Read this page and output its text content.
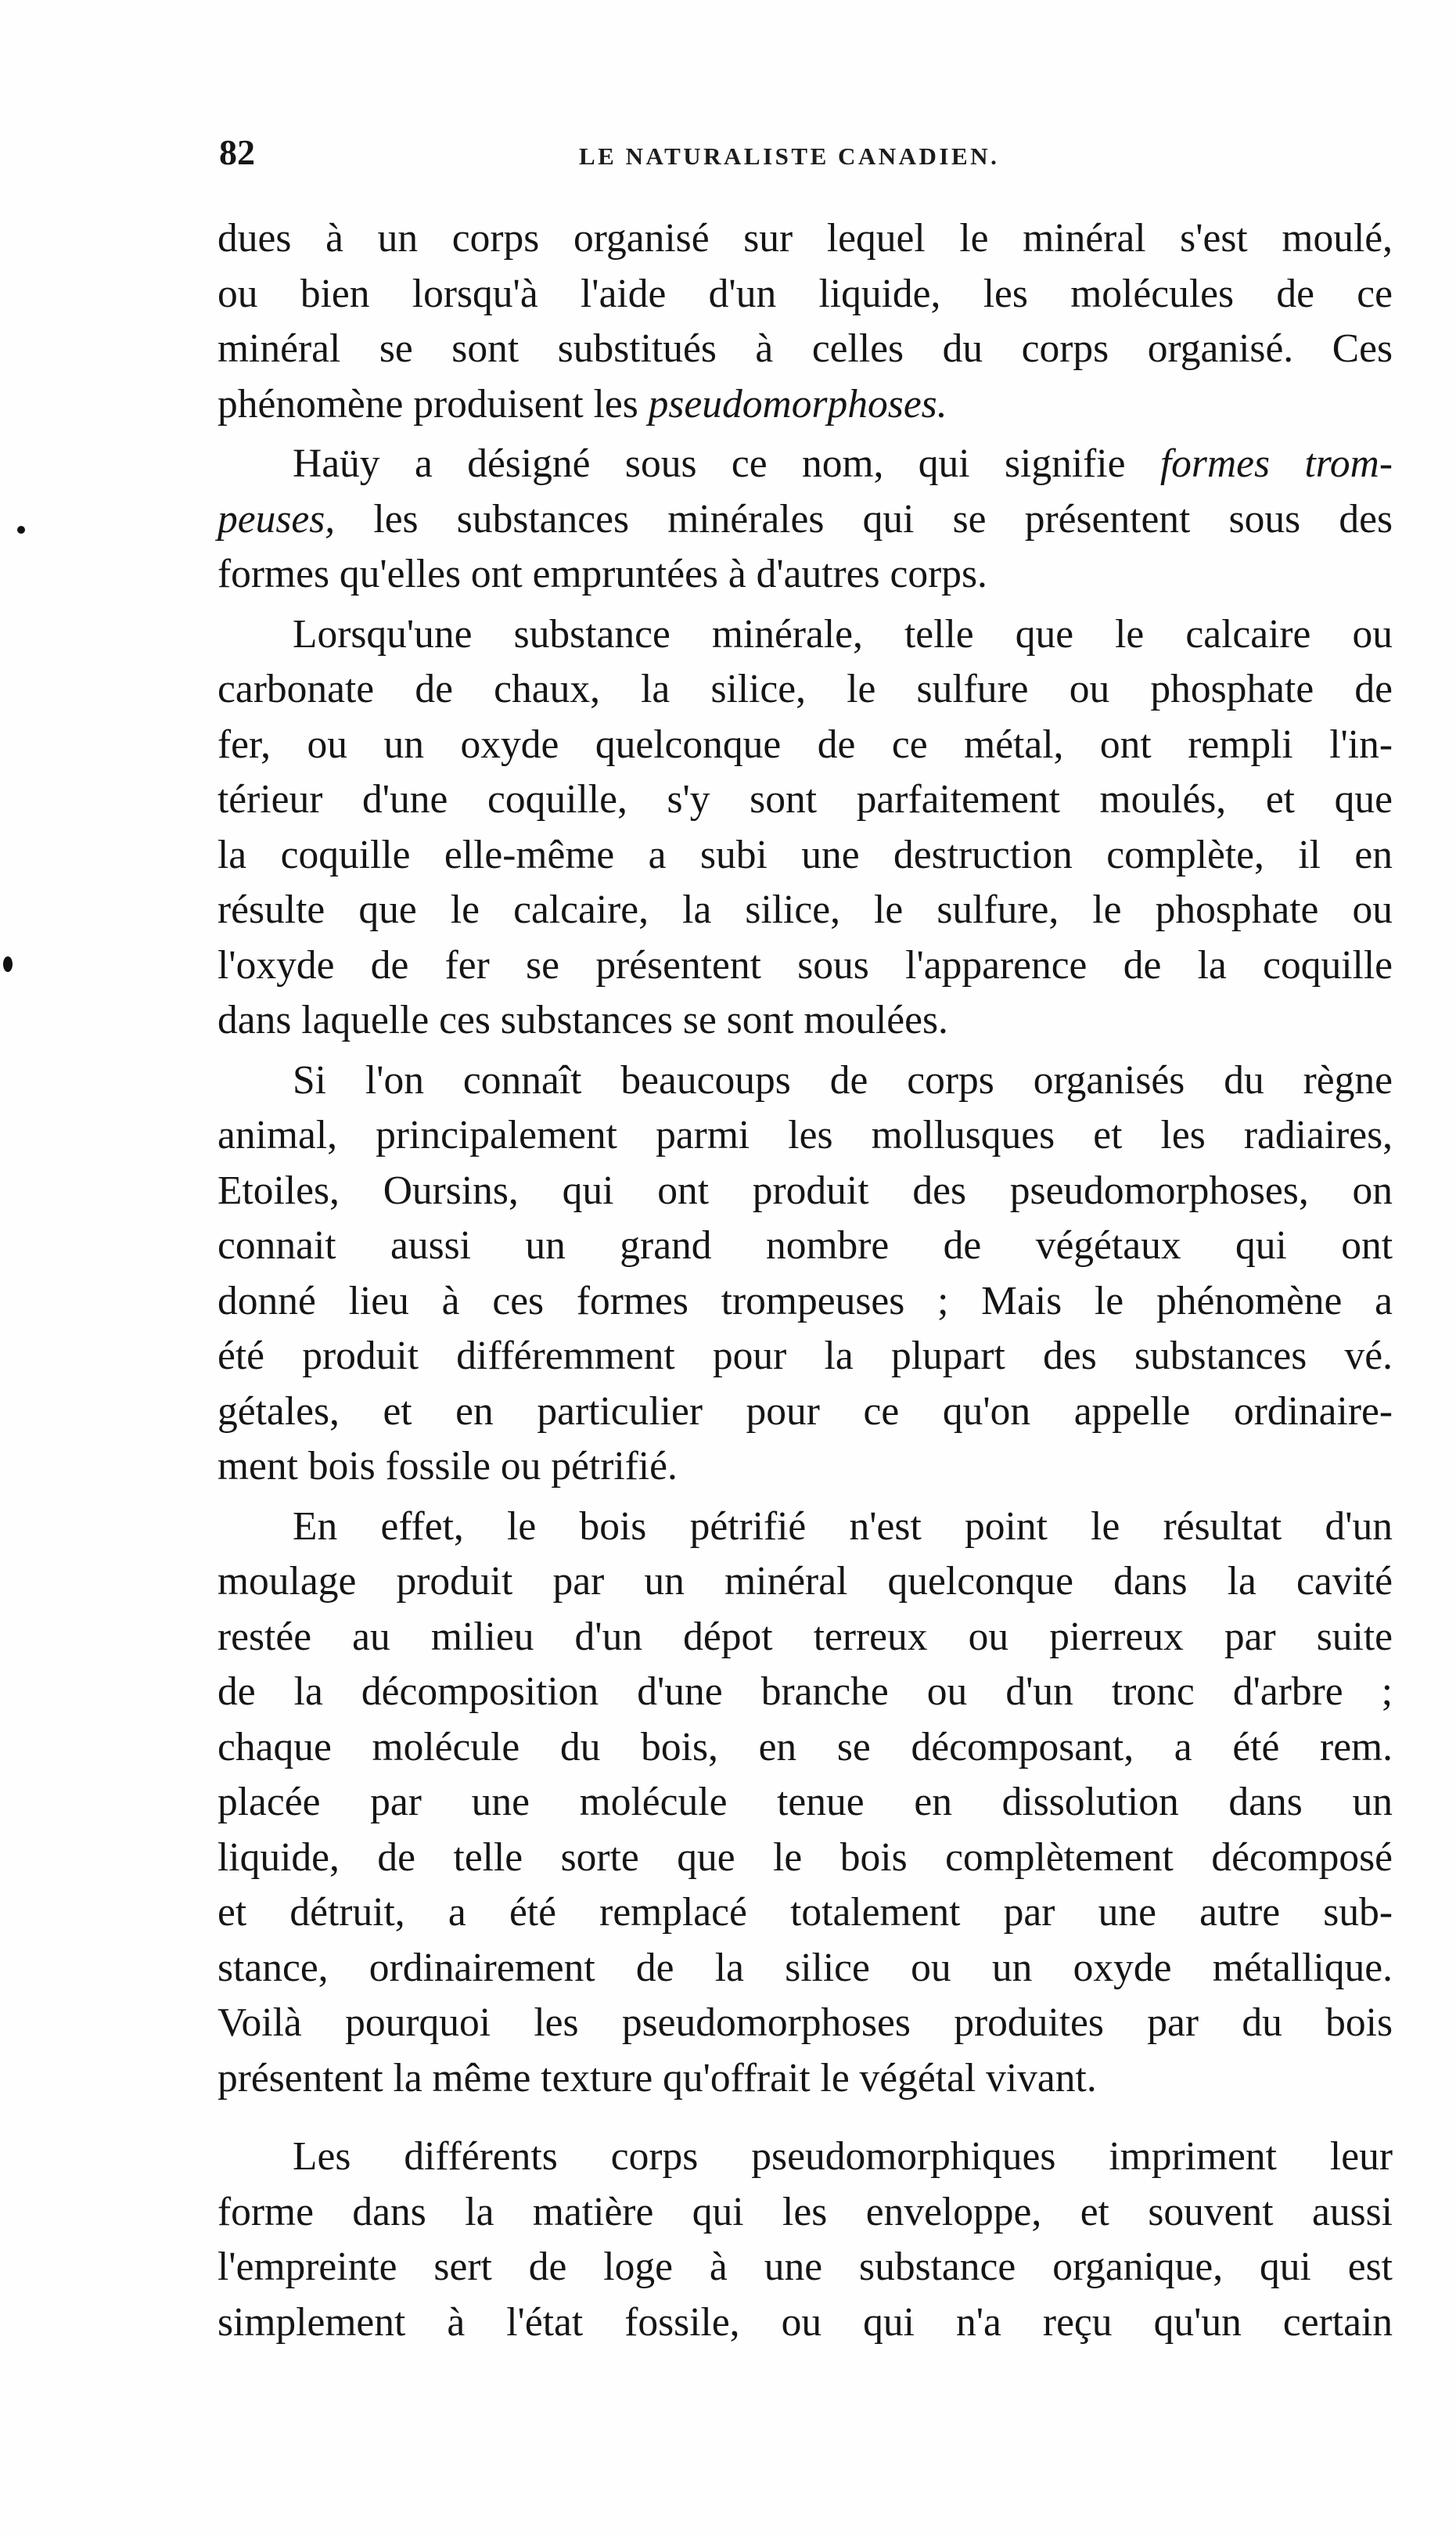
82	LE NATURALISTE CANADIEN.
dues à un corps organisé sur lequel le minéral s'est moulé,
ou bien lorsqu'à l'aide d'un liquide, les molécules de ce
minéral se sont substitués à celles du corps organisé. Ces
phénomène produisent les pseudomorphoses.
Haüy a désigné sous ce nom, qui signifie formes trom-
peuses, les substances minérales qui se présentent sous des
formes qu'elles ont empruntées à d'autres corps.
Lorsqu'une substance minérale, telle que le calcaire ou
carbonate de chaux, la silice, le sulfure ou phosphate de
fer, ou un oxyde quelconque de ce métal, ont rempli l'in-
térieur d'une coquille, s'y sont parfaitement moulés, et que
la coquille elle-même a subi une destruction complète, il en
résulte que le calcaire, la silice, le sulfure, le phosphate ou
l'oxyde de fer se présentent sous l'apparence de la coquille
dans laquelle ces substances se sont moulées.
Si l'on connaît beaucoups de corps organisés du règne
animal, principalement parmi les mollusques et les radiaires,
Etoiles, Oursins, qui ont produit des pseudomorphoses, on
connait aussi un grand nombre de végétaux qui ont
donné lieu à ces formes trompeuses ; Mais le phénomène a
été produit différemment pour la plupart des substances vé.
gétales, et en particulier pour ce qu'on appelle ordinaire-
ment bois fossile ou pétrifié.
En effet, le bois pétrifié n'est point le résultat d'un
moulage produit par un minéral quelconque dans la cavité
restée au milieu d'un dépot terreux ou pierreux par suite
de la décomposition d'une branche ou d'un tronc d'arbre ;
chaque molécule du bois, en se décomposant, a été rem.
placée par une molécule tenue en dissolution dans un
liquide, de telle sorte que le bois complètement décomposé
et détruit, a été remplacé totalement par une autre sub-
stance, ordinairement de la silice ou un oxyde métallique.
Voilà pourquoi les pseudomorphoses produites par du bois
présentent la même texture qu'offrait le végétal vivant.
Les différents corps pseudomorphiques impriment leur
forme dans la matière qui les enveloppe, et souvent aussi
l'empreinte sert de loge à une substance organique, qui est
simplement à l'état fossile, ou qui n'a reçu qu'un certain
